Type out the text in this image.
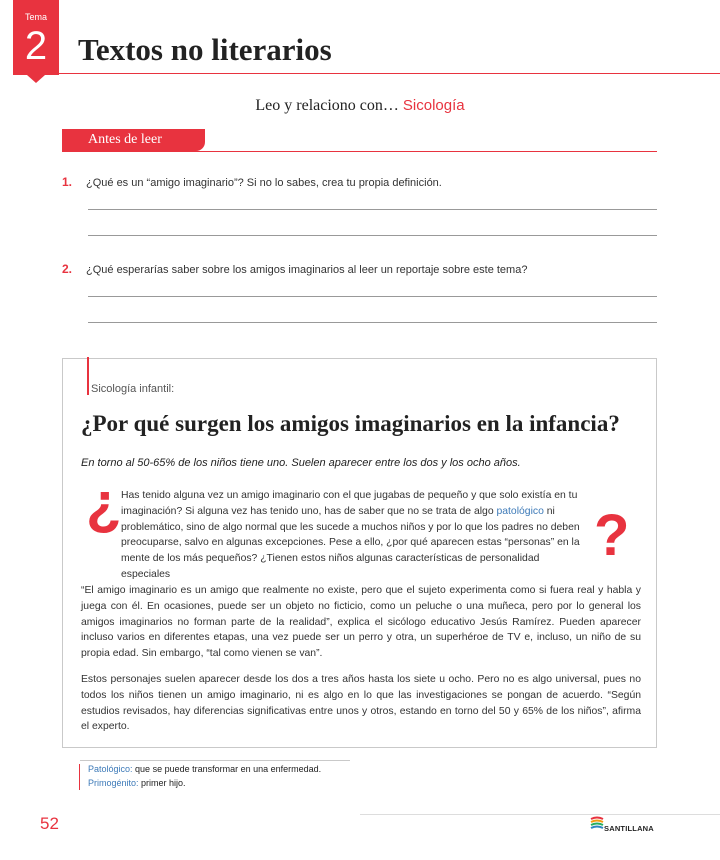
Tema
2 Textos no literarios
Leo y relaciono con… Sicología
Antes de leer
1. ¿Qué es un “amigo imaginario”? Si no lo sabes, crea tu propia definición.
2. ¿Qué esperarías saber sobre los amigos imaginarios al leer un reportaje sobre este tema?
Sicología infantil:
¿Por qué surgen los amigos imaginarios en la infancia?

En torno al 50-65% de los niños tiene uno. Suelen aparecer entre los dos y los ocho años.

¿ Has tenido alguna vez un amigo imaginario con el que jugabas de pequeño y que solo existía en tu imaginación? Si alguna vez has tenido uno, has de saber que no se trata de algo patológico ni problemático, sino de algo normal que les sucede a muchos niños y por lo que los padres no deben preocuparse, salvo en algunas excepciones. Pese a ello, ¿por qué aparecen estas “personas” en la mente de los más pequeños? ¿Tienen estos niños algunas características de personalidad especiales

?

“El amigo imaginario es un amigo que realmente no existe, pero que el sujeto experimenta como si fuera real y habla y juega con él. En ocasiones, puede ser un objeto no ficticio, como un peluche o una muñeca, pero por lo general los amigos imaginarios no forman parte de la realidad”, explica el sicólogo educativo Jesús Ramírez. Pueden aparecer incluso varios en diferentes etapas, una vez puede ser un perro y otra, un superhéroe de TV e, incluso, un niño de su propia edad. Sin embargo, “tal como vienen se van”.

Estos personajes suelen aparecer desde los dos a tres años hasta los siete u ocho. Pero no es algo universal, pues no todos los niños tienen un amigo imaginario, ni es algo en lo que las investigaciones se pongan de acuerdo. “Según estudios revisados, hay diferencias significativas entre unos y otros, estando en torno del 50 y 65% de los niños”, afirma el experto.

Patológico: que se puede transformar en una enfermedad.
Primogénito: primer hijo.
52	SANTILLANA
